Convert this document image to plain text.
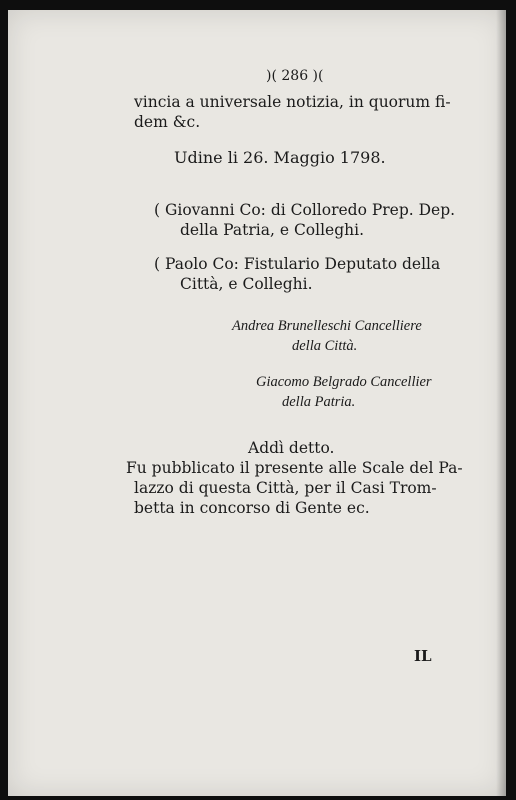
)( 286 )(
vincia a universale notizia, in quorum fi-
dem &c.
Udine li 26. Maggio 1798.
( Giovanni Co: di Colloredo Prep. Dep.
della Patria, e Colleghi.
( Paolo Co: Fistulario Deputato della
Città, e Colleghi.
Andrea Brunelleschi Cancelliere
della Città.
Giacomo Belgrado Cancellier
della Patria.
Addì detto.
Fu pubblicato il presente alle Scale del Pa-
lazzo di questa Città, per il Casi Trom-
betta in concorso di Gente ec.
IL
